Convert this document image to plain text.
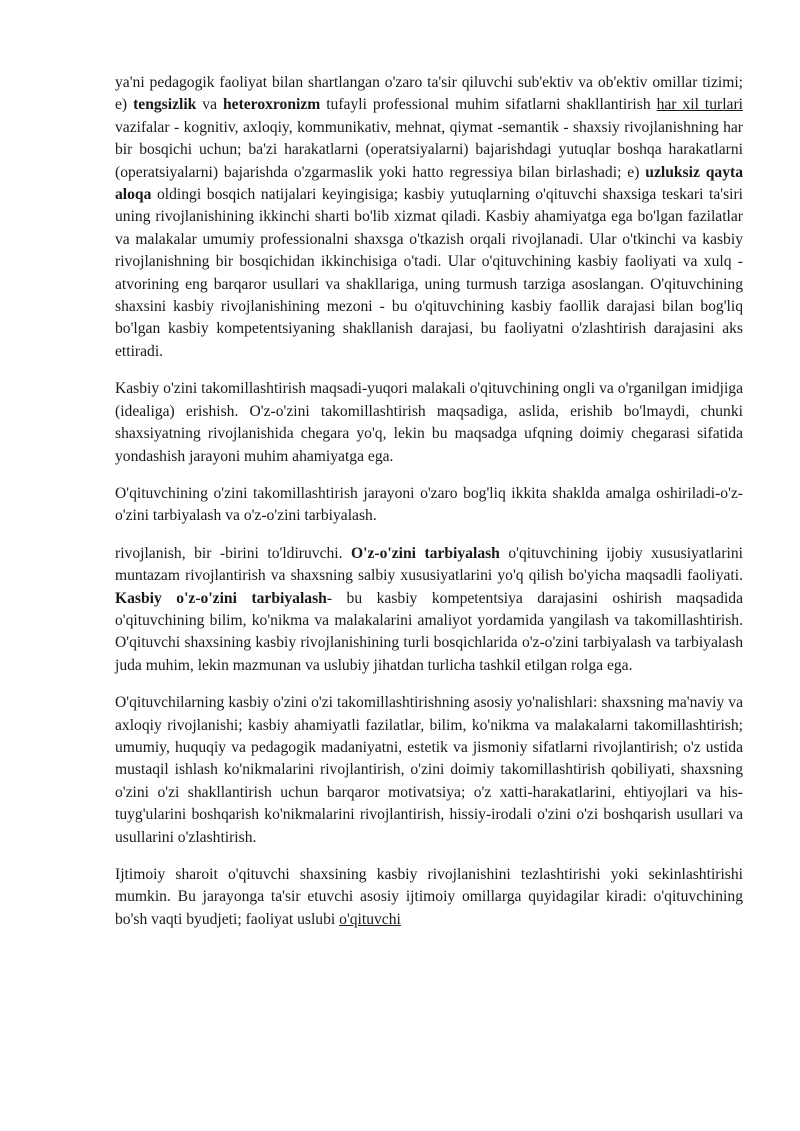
ya'ni pedagogik faoliyat bilan shartlangan o'zaro ta'sir qiluvchi sub'ektiv va ob'ektiv omillar tizimi; e) tengsizlik va heteroxronizm tufayli professional muhim sifatlarni shakllantirish har xil turlari vazifalar - kognitiv, axloqiy, kommunikativ, mehnat, qiymat -semantik - shaxsiy rivojlanishning har bir bosqichi uchun; ba'zi harakatlarni (operatsiyalarni) bajarishdagi yutuqlar boshqa harakatlarni (operatsiyalarni) bajarishda o'zgarmaslik yoki hatto regressiya bilan birlashadi; e) uzluksiz qayta aloqa oldingi bosqich natijalari keyingisiga; kasbiy yutuqlarning o'qituvchi shaxsiga teskari ta'siri uning rivojlanishining ikkinchi sharti bo'lib xizmat qiladi. Kasbiy ahamiyatga ega bo'lgan fazilatlar va malakalar umumiy professionalni shaxsga o'tkazish orqali rivojlanadi. Ular o'tkinchi va kasbiy rivojlanishning bir bosqichidan ikkinchisiga o'tadi. Ular o'qituvchining kasbiy faoliyati va xulq -atvorining eng barqaror usullari va shakllariga, uning turmush tarziga asoslangan. O'qituvchining shaxsini kasbiy rivojlanishining mezoni - bu o'qituvchining kasbiy faollik darajasi bilan bog'liq bo'lgan kasbiy kompetentsiyaning shakllanish darajasi, bu faoliyatni o'zlashtirish darajasini aks ettiradi.

Kasbiy o'zini takomillashtirish maqsadi-yuqori malakali o'qituvchining ongli va o'rganilgan imidjiga (idealiga) erishish. O'z-o'zini takomillashtirish maqsadiga, aslida, erishib bo'lmaydi, chunki shaxsiyatning rivojlanishida chegara yo'q, lekin bu maqsadga ufqning doimiy chegarasi sifatida yondashish jarayoni muhim ahamiyatga ega.

O'qituvchining o'zini takomillashtirish jarayoni o'zaro bog'liq ikkita shaklda amalga oshiriladi-o'z-o'zini tarbiyalash va o'z-o'zini tarbiyalash.

rivojlanish, bir -birini to'ldiruvchi. O'z-o'zini tarbiyalash o'qituvchining ijobiy xususiyatlarini muntazam rivojlantirish va shaxsning salbiy xususiyatlarini yo'q qilish bo'yicha maqsadli faoliyati. Kasbiy o'z-o'zini tarbiyalash- bu kasbiy kompetentsiya darajasini oshirish maqsadida o'qituvchining bilim, ko'nikma va malakalarini amaliyot yordamida yangilash va takomillashtirish. O'qituvchi shaxsining kasbiy rivojlanishining turli bosqichlarida o'z-o'zini tarbiyalash va tarbiyalash juda muhim, lekin mazmunan va uslubiy jihatdan turlicha tashkil etilgan rolga ega.

O'qituvchilarning kasbiy o'zini o'zi takomillashtirishning asosiy yo'nalishlari: shaxsning ma'naviy va axloqiy rivojlanishi; kasbiy ahamiyatli fazilatlar, bilim, ko'nikma va malakalarni takomillashtirish; umumiy, huquqiy va pedagogik madaniyatni, estetik va jismoniy sifatlarni rivojlantirish; o'z ustida mustaqil ishlash ko'nikmalarini rivojlantirish, o'zini doimiy takomillashtirish qobiliyati, shaxsning o'zini o'zi shakllantirish uchun barqaror motivatsiya; o'z xatti-harakatlarini, ehtiyojlari va his-tuyg'ularini boshqarish ko'nikmalarini rivojlantirish, hissiy-irodali o'zini o'zi boshqarish usullari va usullarini o'zlashtirish.

Ijtimoiy sharoit o'qituvchi shaxsining kasbiy rivojlanishini tezlashtirishi yoki sekinlashtirishi mumkin. Bu jarayonga ta'sir etuvchi asosiy ijtimoiy omillarga quyidagilar kiradi: o'qituvchining bo'sh vaqti byudjeti; faoliyat uslubi o'qituvchi
